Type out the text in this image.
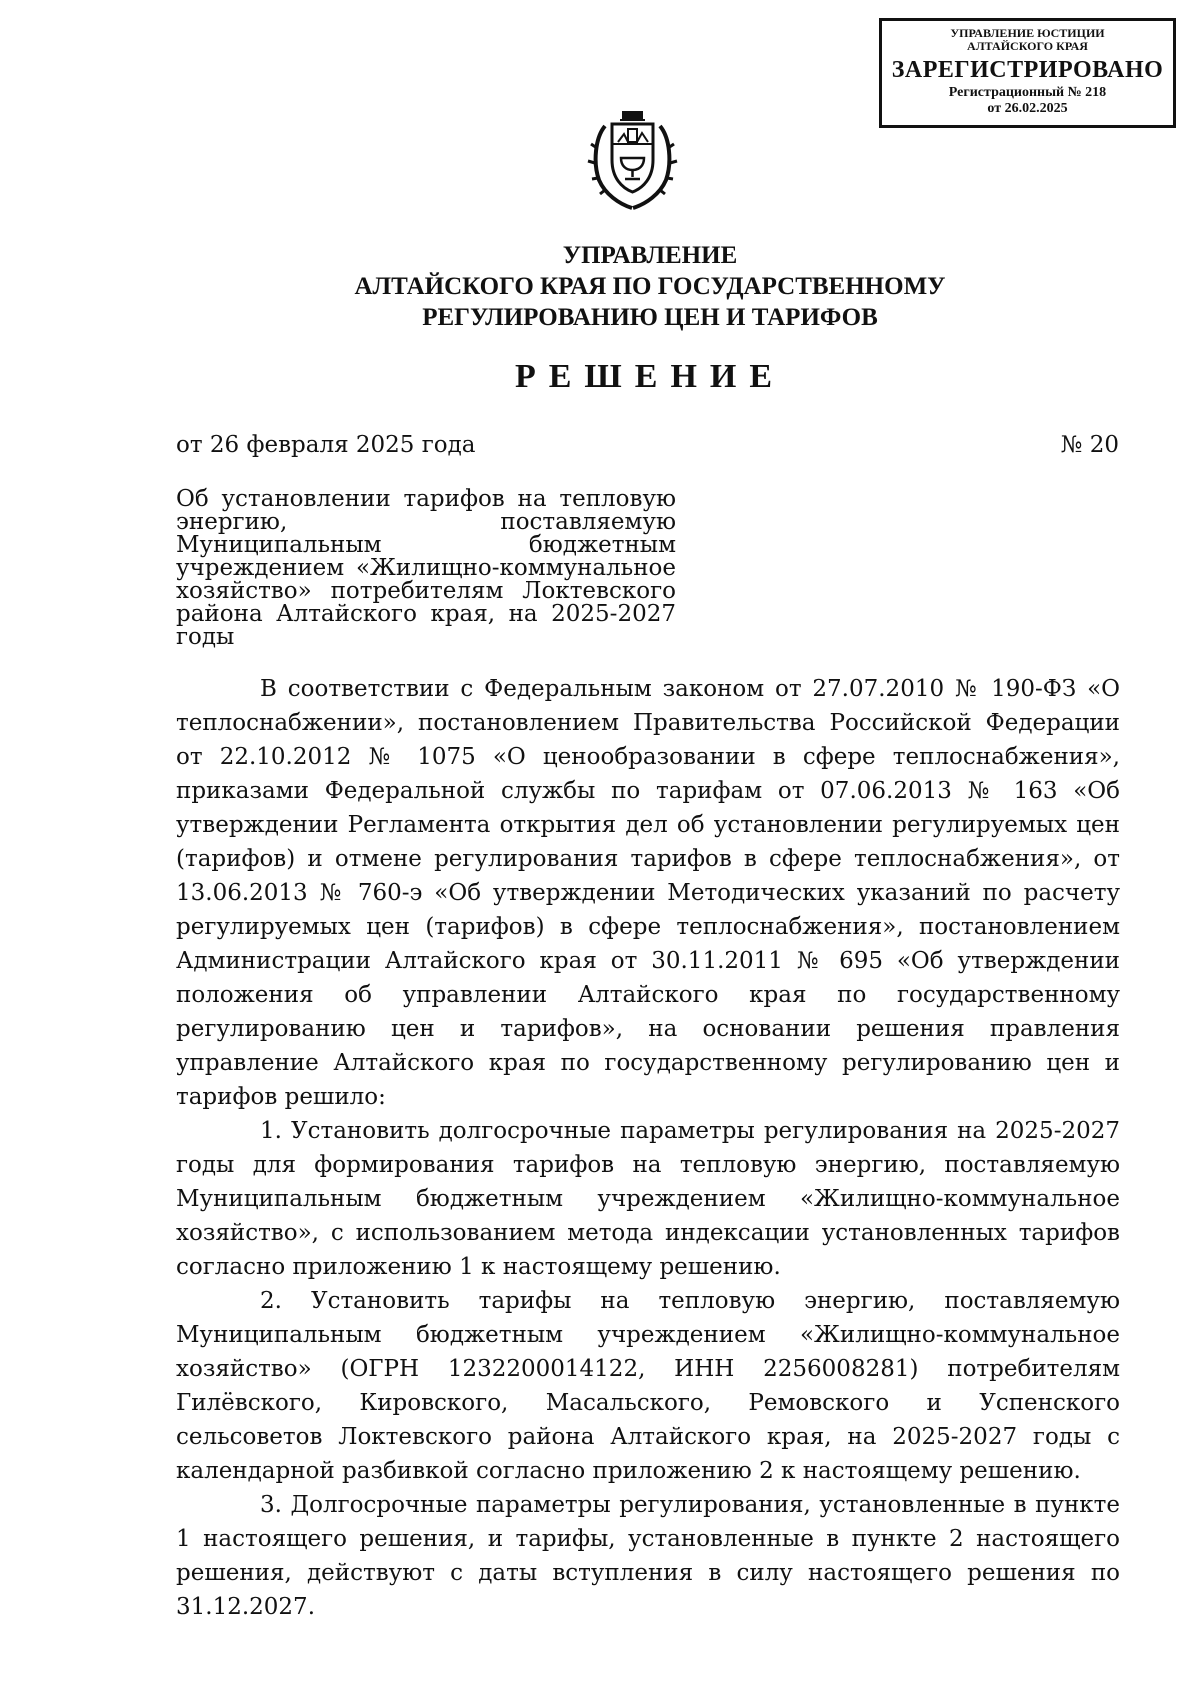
УПРАВЛЕНИЕ ЮСТИЦИИ
АЛТАЙСКОГО КРАЯ
ЗАРЕГИСТРИРОВАНО
Регистрационный № 218
от 26.02.2025
УПРАВЛЕНИЕ
АЛТАЙСКОГО КРАЯ ПО ГОСУДАРСТВЕННОМУ
РЕГУЛИРОВАНИЮ ЦЕН И ТАРИФОВ
РЕШЕНИЕ
от 26 февраля 2025 года	№ 20
Об установлении тарифов на тепловую энергию, поставляемую Муниципальным бюджетным учреждением «Жилищно-коммунальное хозяйство» потребителям Локтевского района Алтайского края, на 2025-2027 годы

В соответствии с Федеральным законом от 27.07.2010 № 190-ФЗ «О теплоснабжении», постановлением Правительства Российской Федерации от 22.10.2012 № 1075 «О ценообразовании в сфере теплоснабжения», приказами Федеральной службы по тарифам от 07.06.2013 № 163 «Об утверждении Регламента открытия дел об установлении регулируемых цен (тарифов) и отмене регулирования тарифов в сфере теплоснабжения», от 13.06.2013 № 760-э «Об утверждении Методических указаний по расчету регулируемых цен (тарифов) в сфере теплоснабжения», постановлением Администрации Алтайского края от 30.11.2011 № 695 «Об утверждении положения об управлении Алтайского края по государственному регулированию цен и тарифов», на основании решения правления управление Алтайского края по государственному регулированию цен и тарифов решило:

1. Установить долгосрочные параметры регулирования на 2025-2027 годы для формирования тарифов на тепловую энергию, поставляемую Муниципальным бюджетным учреждением «Жилищно-коммунальное хозяйство», с использованием метода индексации установленных тарифов согласно приложению 1 к настоящему решению.

2. Установить тарифы на тепловую энергию, поставляемую Муниципальным бюджетным учреждением «Жилищно-коммунальное хозяйство» (ОГРН 1232200014122, ИНН 2256008281) потребителям Гилёвского, Кировского, Масальского, Ремовского и Успенского сельсоветов Локтевского района Алтайского края, на 2025-2027 годы с календарной разбивкой согласно приложению 2 к настоящему решению.

3. Долгосрочные параметры регулирования, установленные в пункте 1 настоящего решения, и тарифы, установленные в пункте 2 настоящего решения, действуют с даты вступления в силу настоящего решения по 31.12.2027.
